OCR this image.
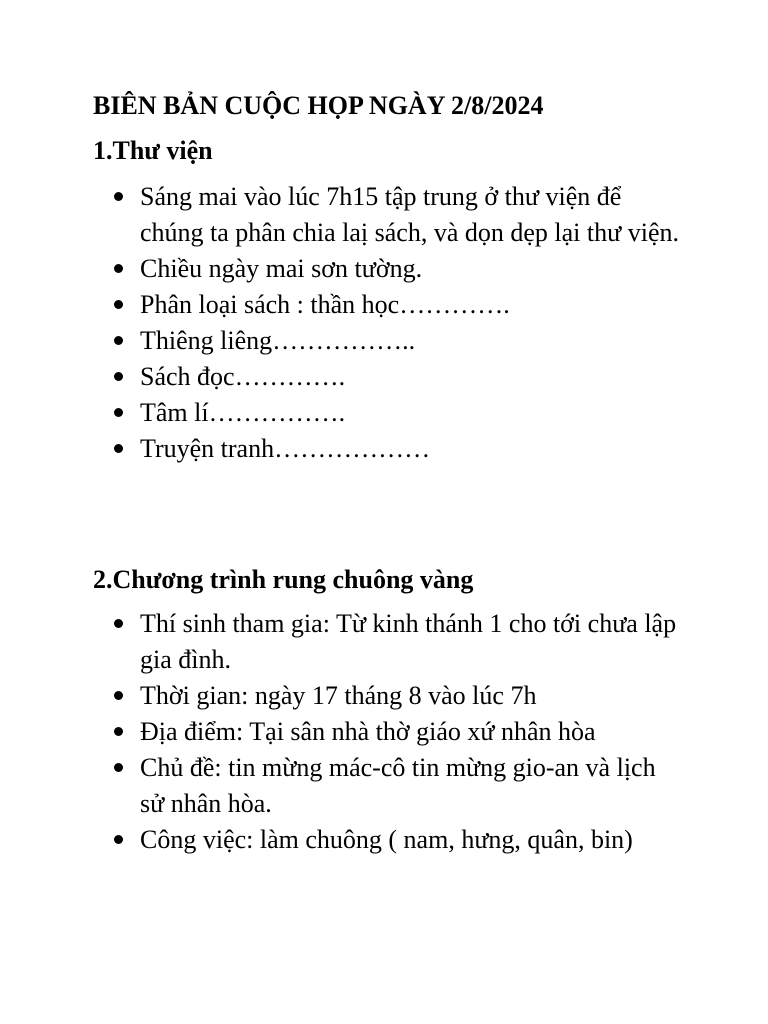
BIÊN BẢN CUỘC HỌP NGÀY 2/8/2024
1.Thư viện
Sáng mai vào lúc 7h15 tập trung ở thư viện để chúng ta phân chia laị sách, và dọn dẹp lại thư viện.
Chiều ngày mai sơn tường.
Phân loại sách : thần học………….
Thiêng liêng……………..
Sách đọc………….
Tâm lí…………….
Truyện tranh………………
2.Chương trình rung chuông vàng
Thí sinh tham gia: Từ kinh thánh 1 cho tới chưa lập gia đình.
Thời gian: ngày 17 tháng 8 vào lúc 7h
Địa điểm: Tại sân nhà thờ giáo xứ nhân hòa
Chủ đề: tin mừng mác-cô tin mừng gio-an và lịch sử nhân hòa.
Công việc: làm chuông ( nam, hưng, quân, bin)
